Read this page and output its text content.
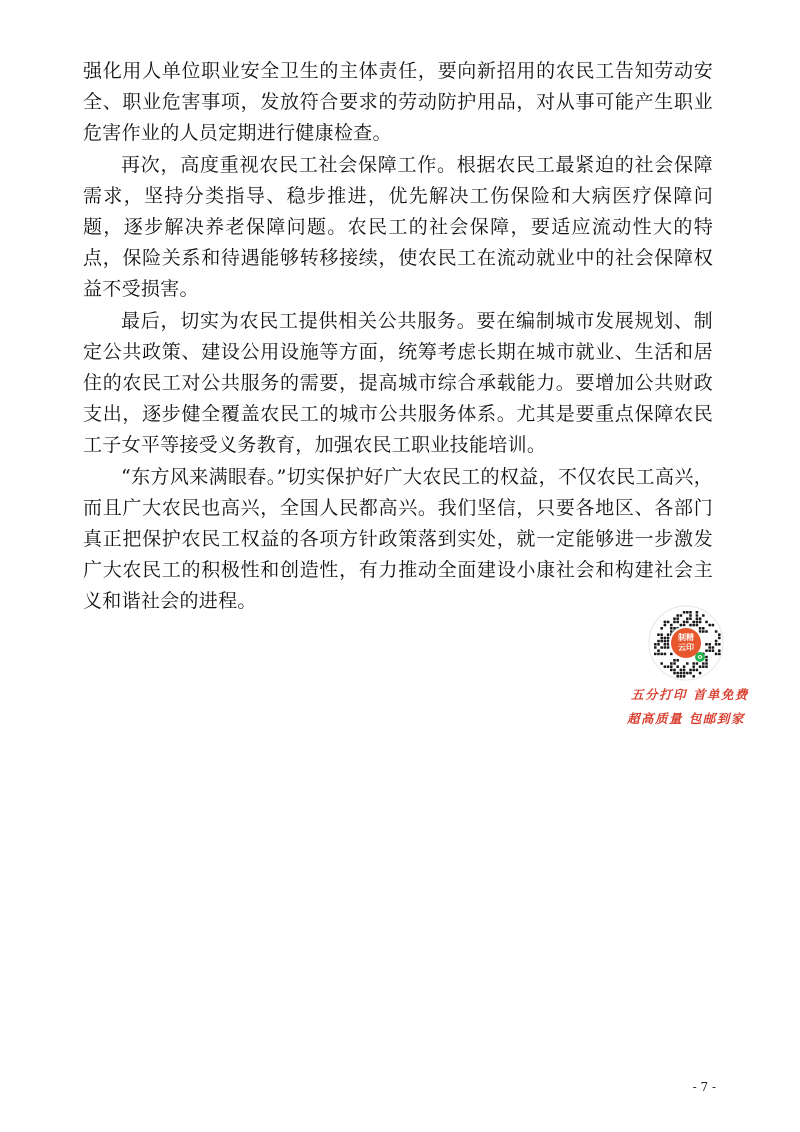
强化用人单位职业安全卫生的主体责任，要向新招用的农民工告知劳动安全、职业危害事项，发放符合要求的劳动防护用品，对从事可能产生职业危害作业的人员定期进行健康检查。

再次，高度重视农民工社会保障工作。根据农民工最紧迫的社会保障需求，坚持分类指导、稳步推进，优先解决工伤保险和大病医疗保障问题，逐步解决养老保障问题。农民工的社会保障，要适应流动性大的特点，保险关系和待遇能够转移接续，使农民工在流动就业中的社会保障权益不受损害。

最后，切实为农民工提供相关公共服务。要在编制城市发展规划、制定公共政策、建设公用设施等方面，统筹考虑长期在城市就业、生活和居住的农民工对公共服务的需要，提高城市综合承载能力。要增加公共财政支出，逐步健全覆盖农民工的城市公共服务体系。尤其是要重点保障农民工子女平等接受义务教育，加强农民工职业技能培训。

“东方风来满眼春。”切实保护好广大农民工的权益，不仅农民工高兴，而且广大农民也高兴，全国人民都高兴。我们坚信，只要各地区、各部门真正把保护农民工权益的各项方针政策落到实处，就一定能够进一步激发广大农民工的积极性和创造性，有力推动全面建设小康社会和构建社会主义和谐社会的进程。

制精
云印
五分打印 首单免费
超高质量 包邮到家
- 7 -
